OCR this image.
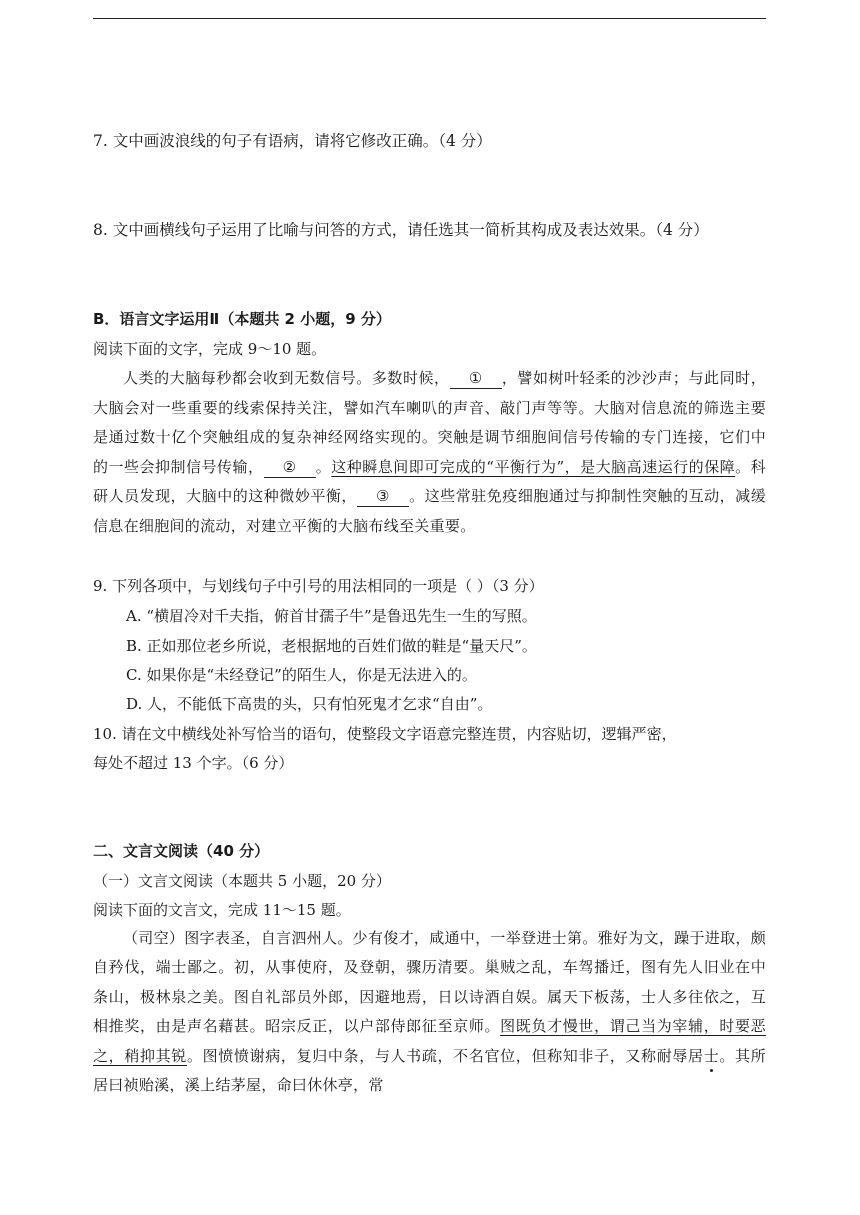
7. 文中画波浪线的句子有语病，请将它修改正确。（4 分）
8. 文中画横线句子运用了比喻与问答的方式，请任选其一简析其构成及表达效果。（4 分）
B．语言文字运用Ⅱ（本题共 2 小题，9 分）
阅读下面的文字，完成 9～10 题。
人类的大脑每秒都会收到无数信号。多数时候， ① ，譬如树叶轻柔的沙沙声；与此同时，大脑会对一些重要的线索保持关注，譬如汽车喇叭的声音、敲门声等等。大脑对信息流的筛选主要是通过数十亿个突触组成的复杂神经网络实现的。突触是调节细胞间信号传输的专门连接，它们中的一些会抑制信号传输， ② 。这种瞬息间即可完成的“平衡行为”，是大脑高速运行的保障。科研人员发现，大脑中的这种微妙平衡， ③ 。这些常驻免疫细胞通过与抑制性突触的互动，减缓信息在细胞间的流动，对建立平衡的大脑布线至关重要。
9. 下列各项中，与划线句子中引号的用法相同的一项是（ ）（3 分）
A. “横眉冷对千夫指，俯首甘孺子牛”是鲁迅先生一生的写照。
B. 正如那位老乡所说，老根据地的百姓们做的鞋是“量天尺”。
C. 如果你是“未经登记”的陌生人，你是无法进入的。
D. 人，不能低下高贵的头，只有怕死鬼才乞求“自由”。
10. 请在文中横线处补写恰当的语句，使整段文字语意完整连贯，内容贴切，逻辑严密，
每处不超过 13 个字。（6 分）
二、文言文阅读（40 分）
（一）文言文阅读（本题共 5 小题，20 分）
阅读下面的文言文，完成 11～15 题。
（司空）图字表圣，自言泗州人。少有俊才，咸通中，一举登进士第。雅好为文，躁于进取，颇自矜伐，端士鄙之。初，从事使府，及登朝，骤历清要。巢贼之乱，车驾播迁，图有先人旧业在中条山，极林泉之美。图自礼部员外郎，因避地焉，日以诗酒自娱。属天下板荡，士人多往依之，互相推奖，由是声名藉甚。昭宗反正，以户部侍郎征至京师。图既负才慢世，谓己当为宰辅，时要恶之，稍抑其锐。图愤愤谢病，复归中条，与人书疏，不名官位，但称知非子，又称耐辱居士。其所居曰祯贻溪，溪上结茅屋，命曰休休亭，常
